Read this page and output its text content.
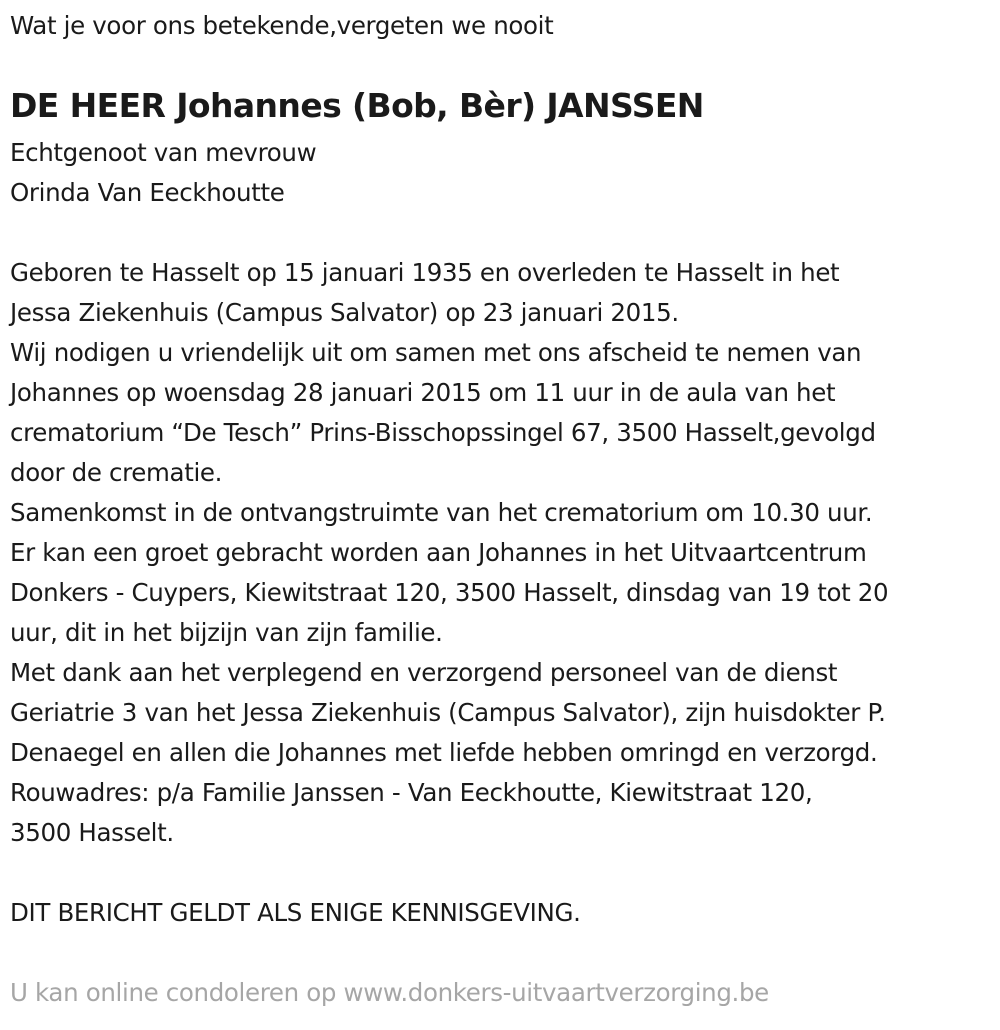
Wat je voor ons betekende,vergeten we nooit
DE HEER Johannes (Bob, Bèr) JANSSEN
Echtgenoot van mevrouw
Orinda Van Eeckhoutte
Geboren te Hasselt op 15 januari 1935 en overleden te Hasselt in het
Jessa Ziekenhuis (Campus Salvator) op 23 januari 2015.
Wij nodigen u vriendelijk uit om samen met ons afscheid te nemen van
Johannes op woensdag 28 januari 2015 om 11 uur in de aula van het
crematorium “De Tesch” Prins-Bisschopssingel 67, 3500 Hasselt,gevolgd
door de crematie.
Samenkomst in de ontvangstruimte van het crematorium om 10.30 uur.
Er kan een groet gebracht worden aan Johannes in het Uitvaartcentrum
Donkers - Cuypers, Kiewitstraat 120, 3500 Hasselt, dinsdag van 19 tot 20
uur, dit in het bijzijn van zijn familie.
Met dank aan het verplegend en verzorgend personeel van de dienst
Geriatrie 3 van het Jessa Ziekenhuis (Campus Salvator), zijn huisdokter P.
Denaegel en allen die Johannes met liefde hebben omringd en verzorgd.
Rouwadres: p/a Familie Janssen - Van Eeckhoutte, Kiewitstraat 120,
3500 Hasselt.
DIT BERICHT GELDT ALS ENIGE KENNISGEVING.
U kan online condoleren op www.donkers-uitvaartverzorging.be
